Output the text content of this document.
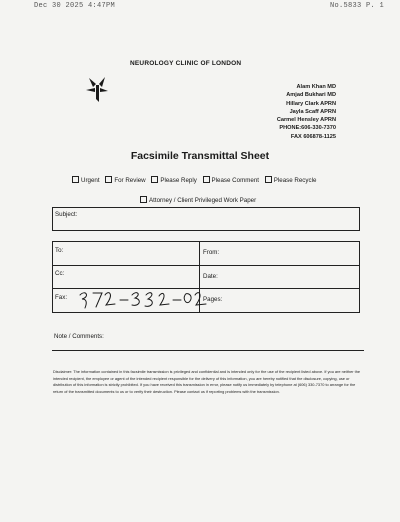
Dec 30 2025 4:47PM	No.5833 P. 1
NEUROLOGY CLINIC OF LONDON
Alam Khan MD
Amjad Bukhari MD
Hillary Clark APRN
Jayla Scaff APRN
Carmel Hensley APRN
PHONE:606-330-7370
FAX 606878-1125
Facsimile Transmittal Sheet
Urgent For Review Please Reply Please Comment Please Recycle
Attorney / Client Privileged Work Paper
Subject:
To:	From:
Cc:	Date:
Fax:	Pages:
Note / Comments:
Disclaimer: The information contained in this facsimile transmission is privileged and confidential and is intended only for the use of the recipient listed above. If you are neither the intended recipient, the employee or agent of the intended recipient responsible for the delivery of this information, you are hereby notified that the disclosure, copying, use or distribution of this information is strictly prohibited. If you have received this transmission in error, please notify us immediately by telephone at (606) 330-7370 to arrange for the return of the transmitted documents to us or to verify their destruction. Please contact us if reporting problems with the transmission.
